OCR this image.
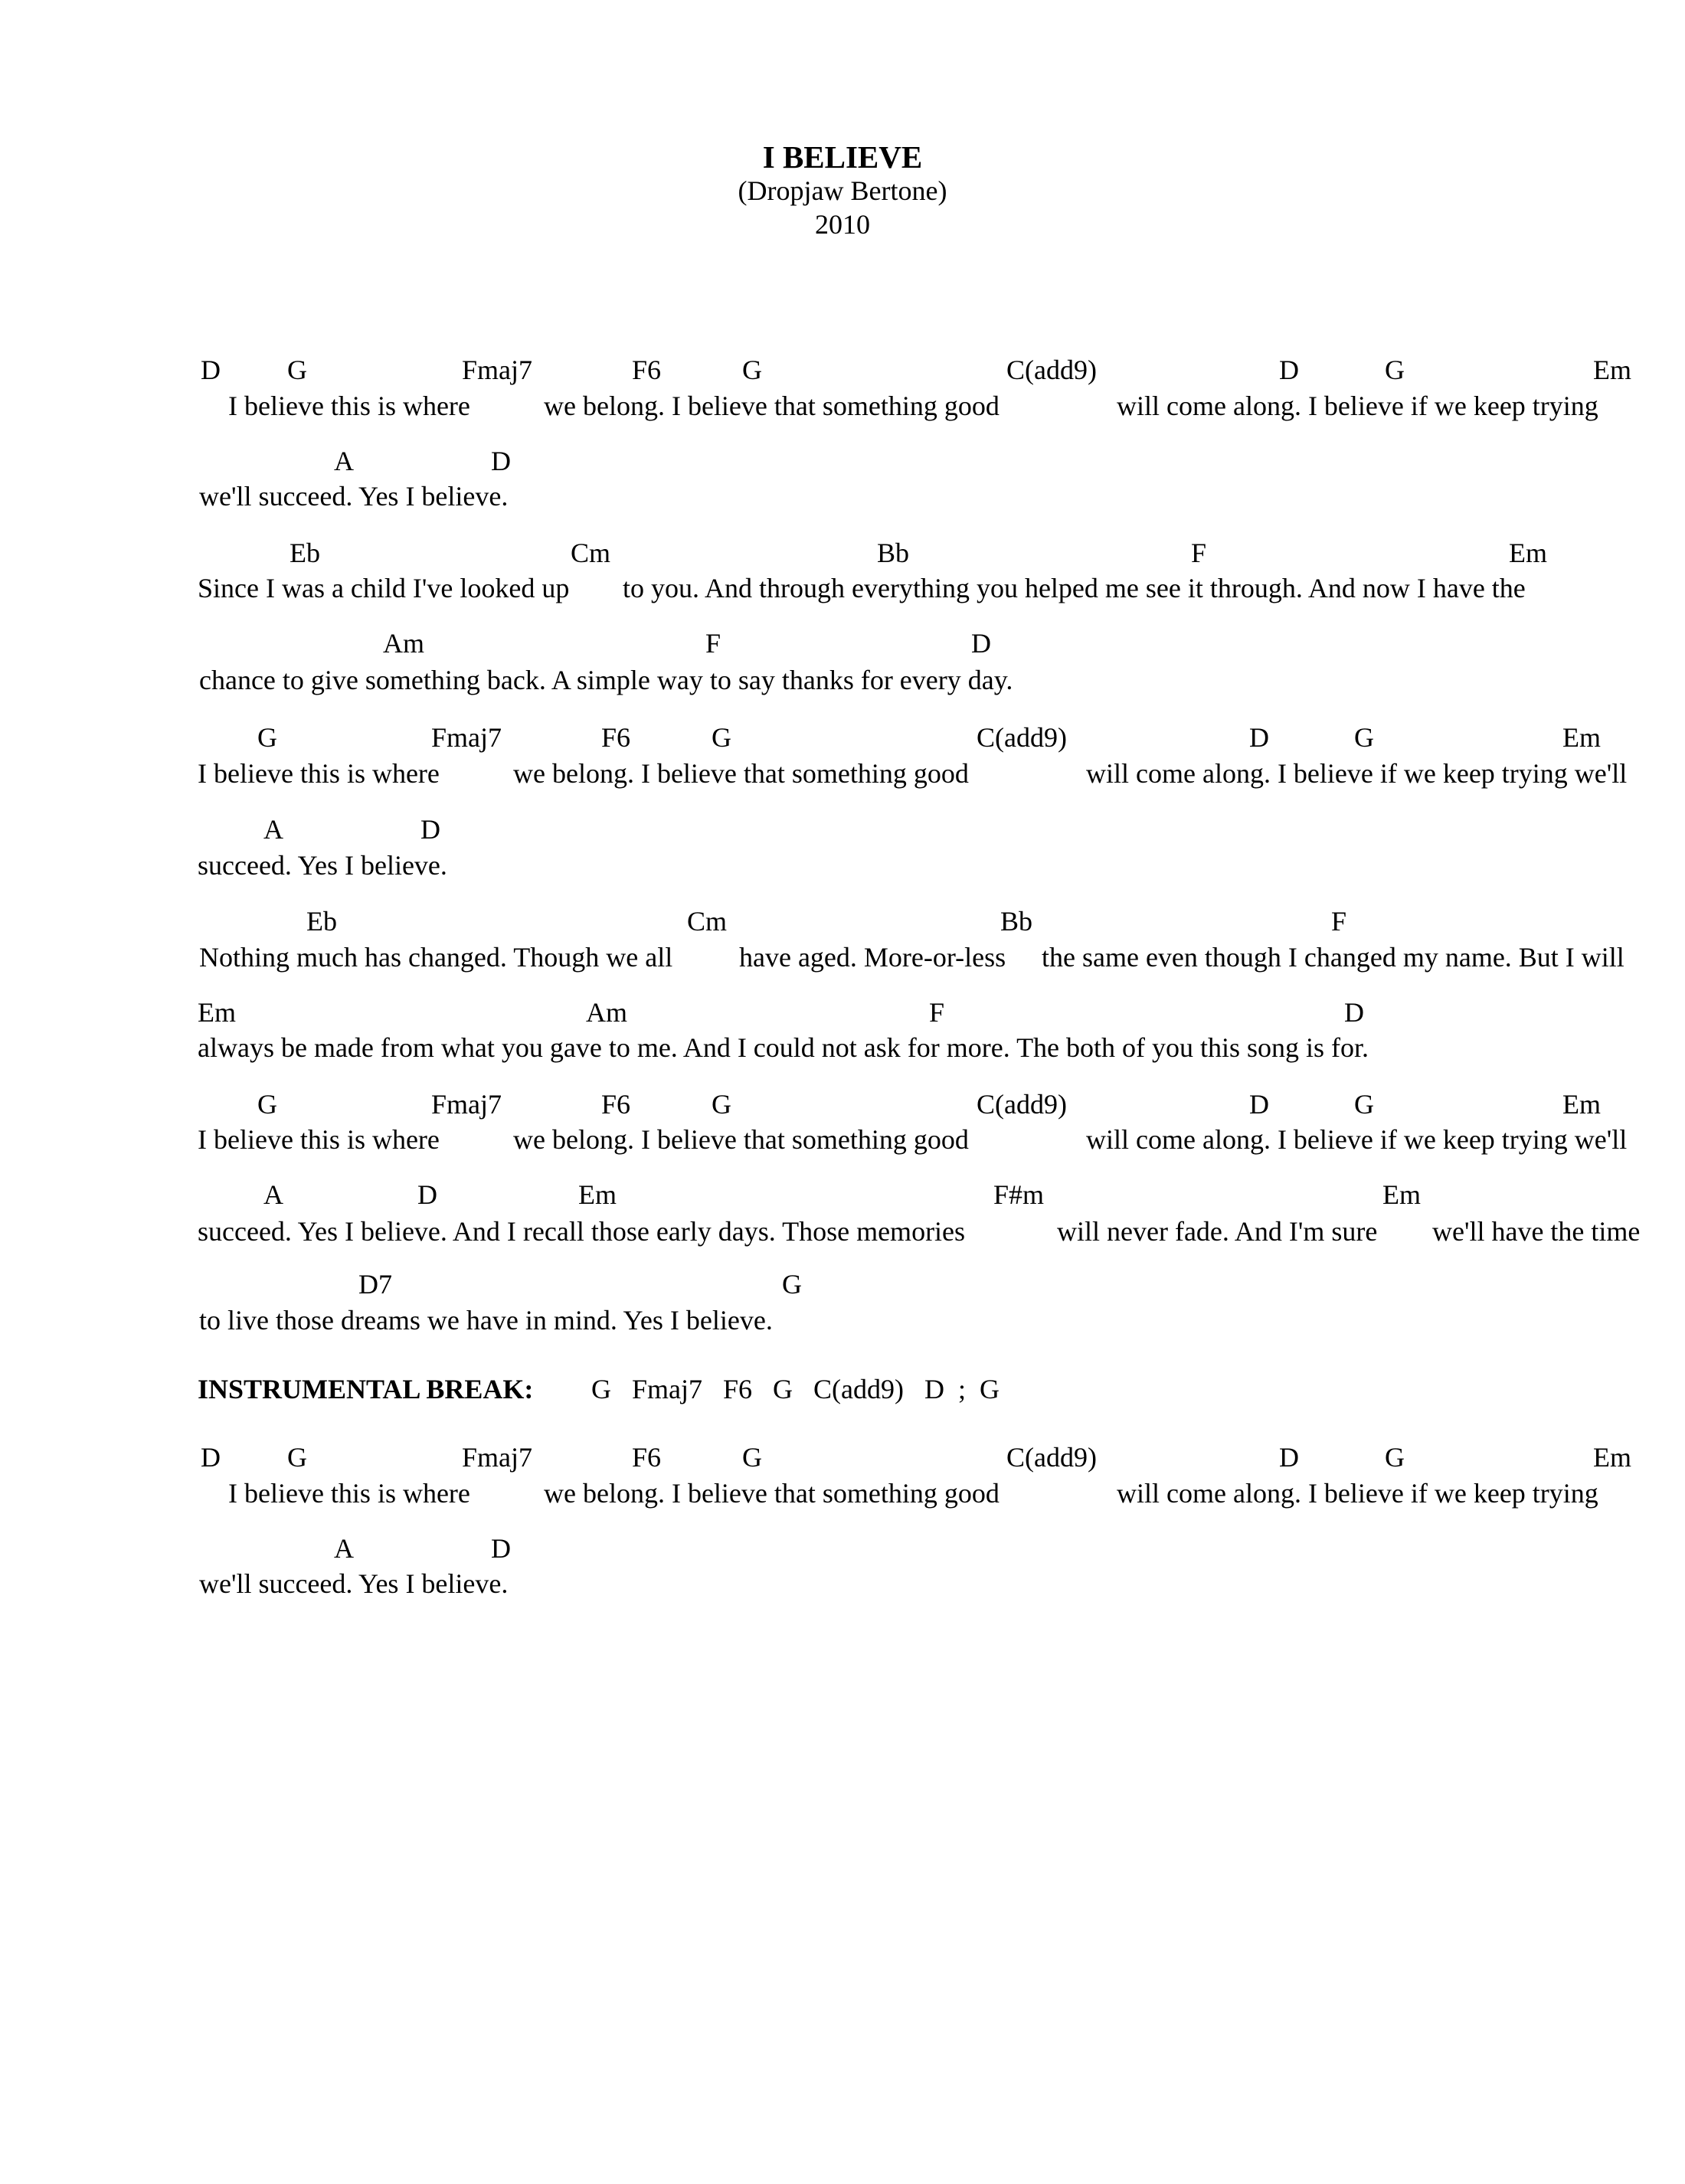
I BELIEVE
(Dropjaw Bertone)
2010
D G	Fmaj7	F6	G	C(add9)	D	G	Em
I believe this is where	we belong. I believe that something good	will come along. I believe if we keep trying
A	D
we'll succeed. Yes I believe.
Eb	Cm	Bb	F	Em
Since I was a child I've looked up to you. And through everything you helped me see it through. And now I have the
Am	F	D
chance to give something back. A simple way to say thanks for every day.
G	Fmaj7	F6	G	C(add9)	D	G	Em
I believe this is where	we belong. I believe that something good	will come along. I believe if we keep trying we'll
A	D
succeed. Yes I believe.
Eb	Cm	Bb	F
Nothing much has changed. Though we all have aged. More-or-less the same even though I changed my name. But I will
Em	Am	F	D
always be made from what you gave to me. And I could not ask for more. The both of you this song is for.
G	Fmaj7	F6	G	C(add9)	D	G	Em
I believe this is where	we belong. I believe that something good	will come along. I believe if we keep trying we'll
A	D	Em	F#m	Em
succeed. Yes I believe. And I recall those early days. Those memories	will never fade. And I'm sure we'll have the time
D7	G
to live those dreams we have in mind. Yes I believe.
INSTRUMENTAL BREAK: G   Fmaj7   F6   G   C(add9)   D  ;  G
D G	Fmaj7	F6	G	C(add9)	D	G	Em
I believe this is where	we belong. I believe that something good	will come along. I believe if we keep trying
A	D
we'll succeed. Yes I believe.
